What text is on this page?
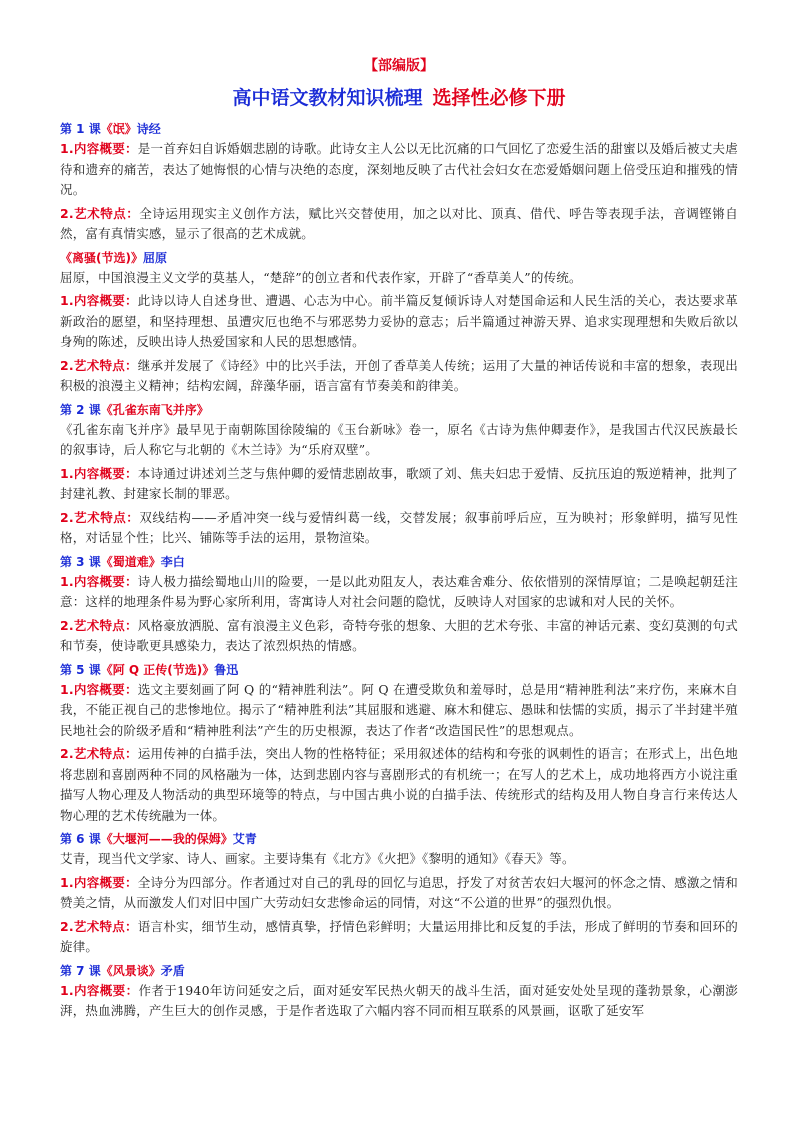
【部编版】
高中语文教材知识梳理 选择性必修下册
第 1 课《氓》诗经
1.内容概要：是一首弃妇自诉婚姻悲剧的诗歌。此诗女主人公以无比沉痛的口气回忆了恋爱生活的甜蜜以及婚后被丈夫虐待和遗弃的痛苦，表达了她悔恨的心情与决绝的态度，深刻地反映了古代社会妇女在恋爱婚姻问题上倍受压迫和摧残的情况。
2.艺术特点：全诗运用现实主义创作方法，赋比兴交替使用，加之以对比、顶真、借代、呼告等表现手法，音调铿锵自然，富有真情实感，显示了很高的艺术成就。
《离骚(节选)》屈原
屈原，中国浪漫主义文学的莫基人，“楚辞”的创立者和代表作家，开辟了“香草美人”的传统。
1.内容概要：此诗以诗人自述身世、遭遇、心志为中心。前半篇反复倾诉诗人对楚国命运和人民生活的关心，表达要求革新政治的愿望，和坚持理想、虽遭灾厄也绝不与邪恶势力妥协的意志；后半篇通过神游天界、追求实现理想和失败后欲以身殉的陈述，反映出诗人热爱国家和人民的思想感情。
2.艺术特点：继承并发展了《诗经》中的比兴手法，开创了香草美人传统；运用了大量的神话传说和丰富的想象，表现出积极的浪漫主义精神；结构宏阔，辞藻华丽，语言富有节奏美和韵律美。
第 2 课《孔雀东南飞并序》
《孔雀东南飞并序》最早见于南朝陈国徐陵编的《玉台新咏》卷一，原名《古诗为焦仲卿妻作》，是我国古代汉民族最长的叙事诗，后人称它与北朝的《木兰诗》为“乐府双壁”。
1.内容概要：本诗通过讲述刘兰芝与焦仲卿的爱情悲剧故事，歌颂了刘、焦夫妇忠于爱情、反抗压迫的叛逆精神，批判了封建礼教、封建家长制的罪恶。
2.艺术特点：双线结构——矛盾冲突一线与爱情纠葛一线，交替发展；叙事前呼后应，互为映衬；形象鲜明，描写见性格，对话显个性；比兴、铺陈等手法的运用，景物渲染。
第 3 课《蜀道难》李白
1.内容概要：诗人极力描绘蜀地山川的险要，一是以此劝阻友人，表达难舍难分、依依惜别的深情厚谊；二是唤起朝廷注意：这样的地理条件易为野心家所利用，寄寓诗人对社会问题的隐忧，反映诗人对国家的忠诚和对人民的关怀。
2.艺术特点：风格豪放洒脱、富有浪漫主义色彩，奇特夸张的想象、大胆的艺术夸张、丰富的神话元素、变幻莫测的句式和节奏，使诗歌更具感染力，表达了浓烈炽热的情感。
第 5 课《阿 Q 正传(节选)》鲁迅
1.内容概要：选文主要刻画了阿 Q 的“精神胜利法”。阿 Q 在遭受欺负和羞辱时，总是用“精神胜利法”来疗伤，来麻木自我，不能正视自己的悲惨地位。揭示了“精神胜利法”其屈服和逃避、麻木和健忘、愚昧和怯懦的实质，揭示了半封建半殖民地社会的阶级矛盾和“精神胜利法”产生的历史根源，表达了作者“改造国民性”的思想观点。
2.艺术特点：运用传神的白描手法，突出人物的性格特征；采用叙述体的结构和夸张的讽刺性的语言；在形式上，出色地将悲剧和喜剧两种不同的风格融为一体，达到悲剧内容与喜剧形式的有机统一；在写人的艺术上，成功地将西方小说注重描写人物心理及人物活动的典型环境等的特点，与中国古典小说的白描手法、传统形式的结构及用人物自身言行来传达人物心理的艺术传统融为一体。
第 6 课《大堰河——我的保姆》艾青
艾青，现当代文学家、诗人、画家。主要诗集有《北方》《火把》《黎明的通知》《春天》等。
1.内容概要：全诗分为四部分。作者通过对自己的乳母的回忆与追思，抒发了对贫苦农妇大堰河的怀念之情、感激之情和赞美之情，从而激发人们对旧中国广大劳动妇女悲惨命运的同情，对这“不公道的世界”的强烈仇恨。
2.艺术特点：语言朴实，细节生动，感情真挚，抒情色彩鲜明；大量运用排比和反复的手法，形成了鲜明的节奏和回环的旋律。
第 7 课《风景谈》矛盾
1.内容概要：作者于1940年访问延安之后，面对延安军民热火朝天的战斗生活，面对延安处处呈现的蓬勃景象，心潮澎湃，热血沸腾，产生巨大的创作灵感，于是作者选取了六幅内容不同而相互联系的风景画，讴歌了延安军
